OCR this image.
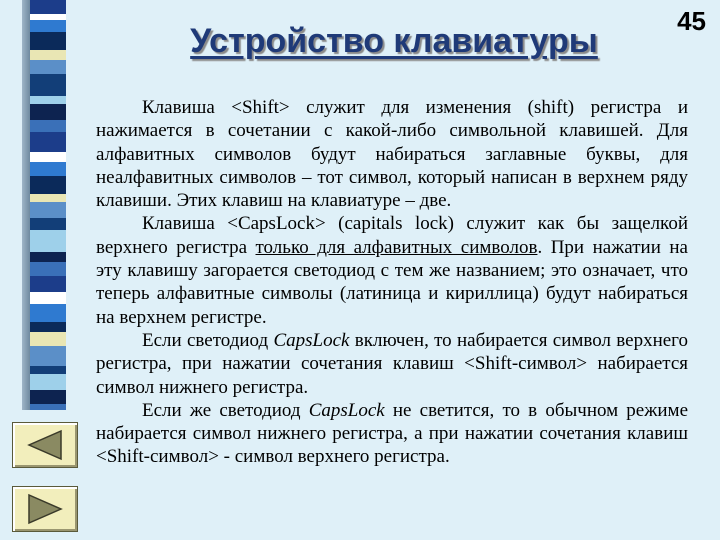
45
Устройство клавиатуры

Клавиша <Shift> служит для изменения (shift) регистра и нажимается в сочетании с какой-либо символьной клавишей. Для алфавитных символов будут набираться заглавные буквы, для неалфавитных символов – тот символ, который написан в верхнем ряду клавиши. Этих клавиш на клавиатуре – две.

Клавиша <CapsLock> (capitals lock) служит как бы защелкой верхнего регистра только для алфавитных символов. При нажатии на эту клавишу загорается светодиод с тем же названием; это означает, что теперь алфавитные символы (латиница и кириллица) будут набираться на верхнем регистре.

Если светодиод CapsLock включен, то набирается символ верхнего регистра, при нажатии сочетания клавиш <Shift-символ> набирается символ нижнего регистра.

Если же светодиод CapsLock не светится, то в обычном режиме набирается символ нижнего регистра, а при нажатии сочетания клавиш <Shift-символ> - символ верхнего регистра.
